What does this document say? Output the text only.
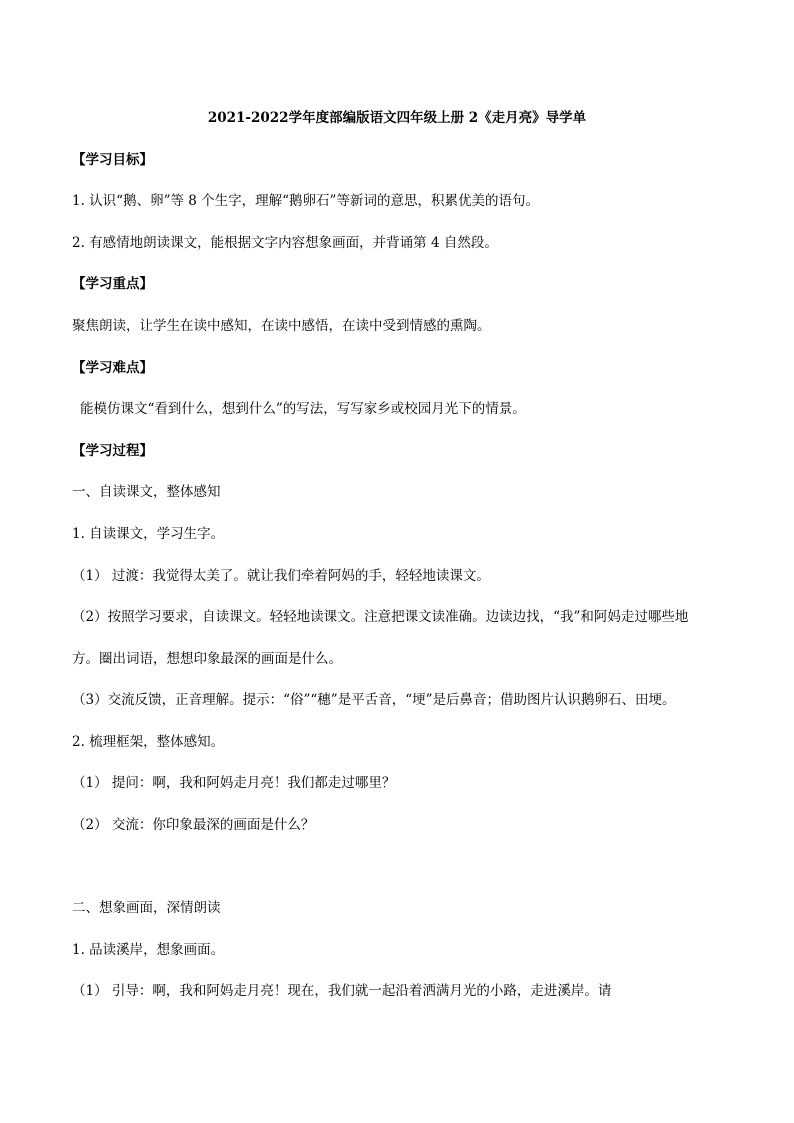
2021-2022学年度部编版语文四年级上册 2《走月亮》导学单
【学习目标】
1. 认识“鹅、卵”等 8 个生字，理解“鹅卵石”等新词的意思，积累优美的语句。
2. 有感情地朗读课文，能根据文字内容想象画面，并背诵第 4 自然段。
【学习重点】
聚焦朗读，让学生在读中感知，在读中感悟，在读中受到情感的熏陶。
【学习难点】
能模仿课文“看到什么，想到什么”的写法，写写家乡或校园月光下的情景。
【学习过程】
一、自读课文，整体感知
1. 自读课文，学习生字。
（1） 过渡：我觉得太美了。就让我们牵着阿妈的手，轻轻地读课文。
（2）按照学习要求，自读课文。轻轻地读课文。注意把课文读准确。边读边找，“我”和阿妈走过哪些地
方。圈出词语，想想印象最深的画面是什么。
（3）交流反馈，正音理解。提示：“俗”“穗”是平舌音，“埂”是后鼻音；借助图片认识鹅卵石、田埂。
2. 梳理框架，整体感知。
（1） 提问：啊，我和阿妈走月亮！我们都走过哪里？
（2） 交流：你印象最深的画面是什么？
二、想象画面，深情朗读
1. 品读溪岸，想象画面。
（1） 引导：啊，我和阿妈走月亮！现在，我们就一起沿着洒满月光的小路，走进溪岸。请
